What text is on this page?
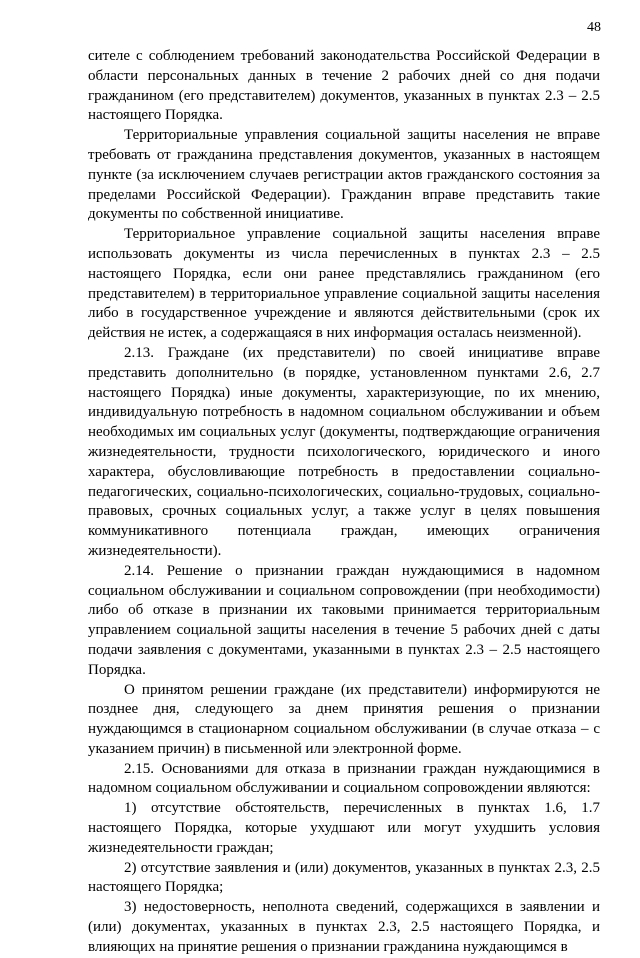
48

сителе с соблюдением требований законодательства Российской Федерации в области персональных данных в течение 2 рабочих дней со дня подачи гражданином (его представителем) документов, указанных в пунктах 2.3 – 2.5 настоящего Порядка.

Территориальные управления социальной защиты населения не вправе требовать от гражданина представления документов, указанных в настоящем пункте (за исключением случаев регистрации актов гражданского состояния за пределами Российской Федерации). Гражданин вправе представить такие документы по собственной инициативе.

Территориальное управление социальной защиты населения вправе использовать документы из числа перечисленных в пунктах 2.3 – 2.5 настоящего Порядка, если они ранее представлялись гражданином (его представителем) в территориальное управление социальной защиты населения либо в государственное учреждение и являются действительными (срок их действия не истек, а содержащаяся в них информация осталась неизменной).

2.13. Граждане (их представители) по своей инициативе вправе представить дополнительно (в порядке, установленном пунктами 2.6, 2.7 настоящего Порядка) иные документы, характеризующие, по их мнению, индивидуальную потребность в надомном социальном обслуживании и объем необходимых им социальных услуг (документы, подтверждающие ограничения жизнедеятельности, трудности психологического, юридического и иного характера, обусловливающие потребность в предоставлении социально-педагогических, социально-психологических, социально-трудовых, социально-правовых, срочных социальных услуг, а также услуг в целях повышения коммуникативного потенциала граждан, имеющих ограничения жизнедеятельности).

2.14. Решение о признании граждан нуждающимися в надомном социальном обслуживании и социальном сопровождении (при необходимости) либо об отказе в признании их таковыми принимается территориальным управлением социальной защиты населения в течение 5 рабочих дней с даты подачи заявления с документами, указанными в пунктах 2.3 – 2.5 настоящего Порядка.

О принятом решении граждане (их представители) информируются не позднее дня, следующего за днем принятия решения о признании нуждающимся в стационарном социальном обслуживании (в случае отказа – с указанием причин) в письменной или электронной форме.

2.15. Основаниями для отказа в признании граждан нуждающимися в надомном социальном обслуживании и социальном сопровождении являются:

1) отсутствие обстоятельств, перечисленных в пунктах 1.6, 1.7 настоящего Порядка, которые ухудшают или могут ухудшить условия жизнедеятельности граждан;

2) отсутствие заявления и (или) документов, указанных в пунктах 2.3, 2.5 настоящего Порядка;

3) недостоверность, неполнота сведений, содержащихся в заявлении и (или) документах, указанных в пунктах 2.3, 2.5 настоящего Порядка, и влияющих на принятие решения о признании гражданина нуждающимся в
